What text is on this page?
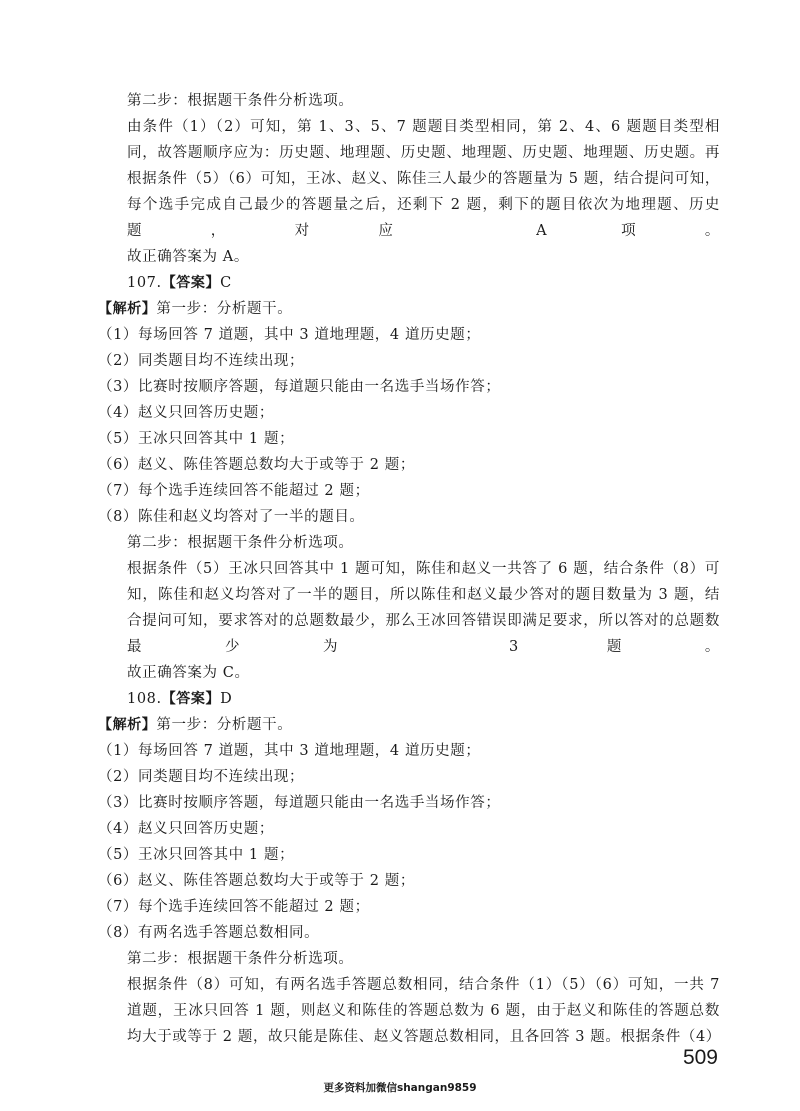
第二步：根据题干条件分析选项。
由条件（1）（2）可知，第 1、3、5、7 题题目类型相同，第 2、4、6 题题目类型相同，故答题顺序应为：历史题、地理题、历史题、地理题、历史题、地理题、历史题。再根据条件（5）（6）可知，王冰、赵义、陈佳三人最少的答题量为 5 题，结合提问可知，每个选手完成自己最少的答题量之后，还剩下 2 题，剩下的题目依次为地理题、历史题，对应 A 项。
故正确答案为 A。
107.【答案】C
【解析】第一步：分析题干。
（1）每场回答 7 道题，其中 3 道地理题，4 道历史题；
（2）同类题目均不连续出现；
（3）比赛时按顺序答题，每道题只能由一名选手当场作答；
（4）赵义只回答历史题；
（5）王冰只回答其中 1 题；
（6）赵义、陈佳答题总数均大于或等于 2 题；
（7）每个选手连续回答不能超过 2 题；
（8）陈佳和赵义均答对了一半的题目。
第二步：根据题干条件分析选项。
根据条件（5）王冰只回答其中 1 题可知，陈佳和赵义一共答了 6 题，结合条件（8）可知，陈佳和赵义均答对了一半的题目，所以陈佳和赵义最少答对的题目数量为 3 题，结合提问可知，要求答对的总题数最少，那么王冰回答错误即满足要求，所以答对的总题数最少为 3 题。
故正确答案为 C。
108.【答案】D
【解析】第一步：分析题干。
（1）每场回答 7 道题，其中 3 道地理题，4 道历史题；
（2）同类题目均不连续出现；
（3）比赛时按顺序答题，每道题只能由一名选手当场作答；
（4）赵义只回答历史题；
（5）王冰只回答其中 1 题；
（6）赵义、陈佳答题总数均大于或等于 2 题；
（7）每个选手连续回答不能超过 2 题；
（8）有两名选手答题总数相同。
第二步：根据题干条件分析选项。
根据条件（8）可知，有两名选手答题总数相同，结合条件（1）（5）（6）可知，一共 7 道题，王冰只回答 1 题，则赵义和陈佳的答题总数为 6 题，由于赵义和陈佳的答题总数均大于或等于 2 题，故只能是陈佳、赵义答题总数相同，且各回答 3 题。根据条件（4）
509
更多资料加微信shangan9859
